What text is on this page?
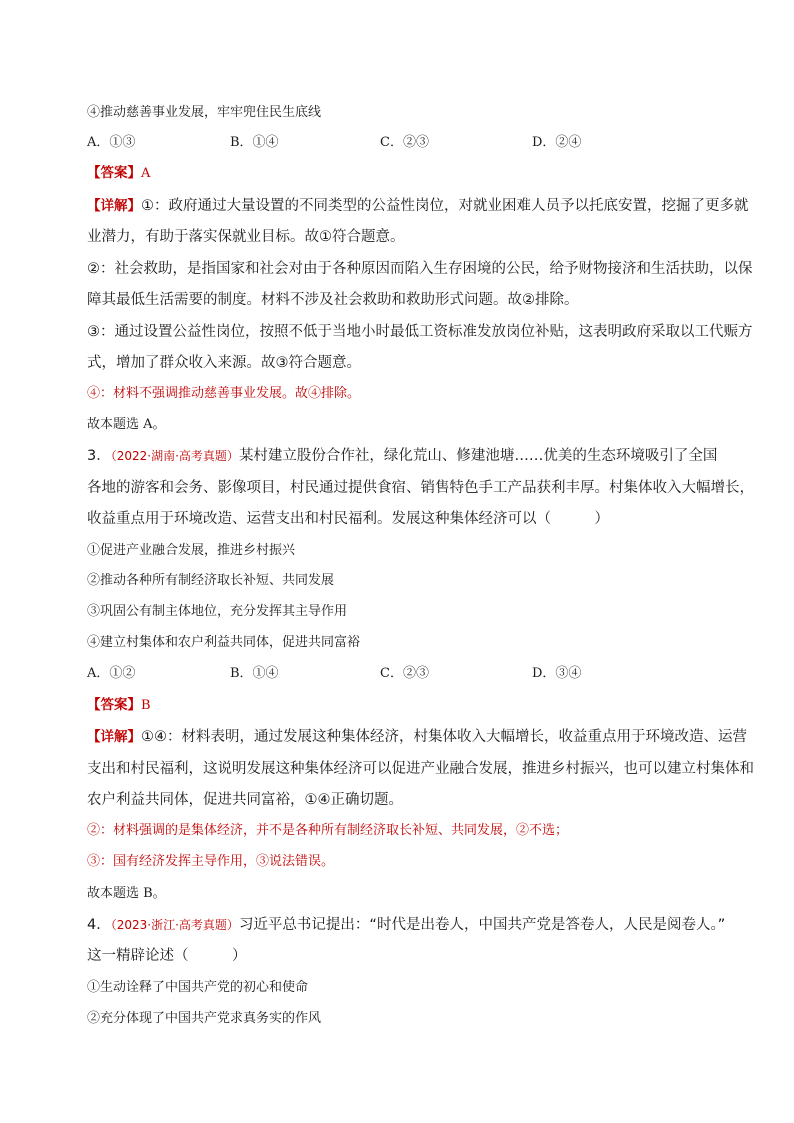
④推动慈善事业发展，牢牢兜住民生底线
A．①③	B．①④	C．②③	D．②④
【答案】A
【详解】①：政府通过大量设置的不同类型的公益性岗位，对就业困难人员予以托底安置，挖掘了更多就
业潜力，有助于落实保就业目标。故①符合题意。
②：社会救助，是指国家和社会对由于各种原因而陷入生存困境的公民，给予财物接济和生活扶助，以保
障其最低生活需要的制度。材料不涉及社会救助和救助形式问题。故②排除。
③：通过设置公益性岗位，按照不低于当地小时最低工资标准发放岗位补贴，这表明政府采取以工代赈方
式，增加了群众收入来源。故③符合题意。
④：材料不强调推动慈善事业发展。故④排除。
故本题选 A。
3．（2022·湖南·高考真题）某村建立股份合作社，绿化荒山、修建池塘……优美的生态环境吸引了全国
各地的游客和会务、影像项目，村民通过提供食宿、销售特色手工产品获利丰厚。村集体收入大幅增长，
收益重点用于环境改造、运营支出和村民福利。发展这种集体经济可以（　　　）
①促进产业融合发展，推进乡村振兴
②推动各种所有制经济取长补短、共同发展
③巩固公有制主体地位，充分发挥其主导作用
④建立村集体和农户利益共同体，促进共同富裕
A．①②	B．①④	C．②③	D．③④
【答案】B
【详解】①④：材料表明，通过发展这种集体经济，村集体收入大幅增长，收益重点用于环境改造、运营
支出和村民福利，这说明发展这种集体经济可以促进产业融合发展，推进乡村振兴，也可以建立村集体和
农户利益共同体，促进共同富裕，①④正确切题。
②：材料强调的是集体经济，并不是各种所有制经济取长补短、共同发展，②不选；
③：国有经济发挥主导作用，③说法错误。
故本题选 B。
4．（2023·浙江·高考真题）习近平总书记提出：“时代是出卷人，中国共产党是答卷人，人民是阅卷人。”
这一精辟论述（　　　）
①生动诠释了中国共产党的初心和使命
②充分体现了中国共产党求真务实的作风
